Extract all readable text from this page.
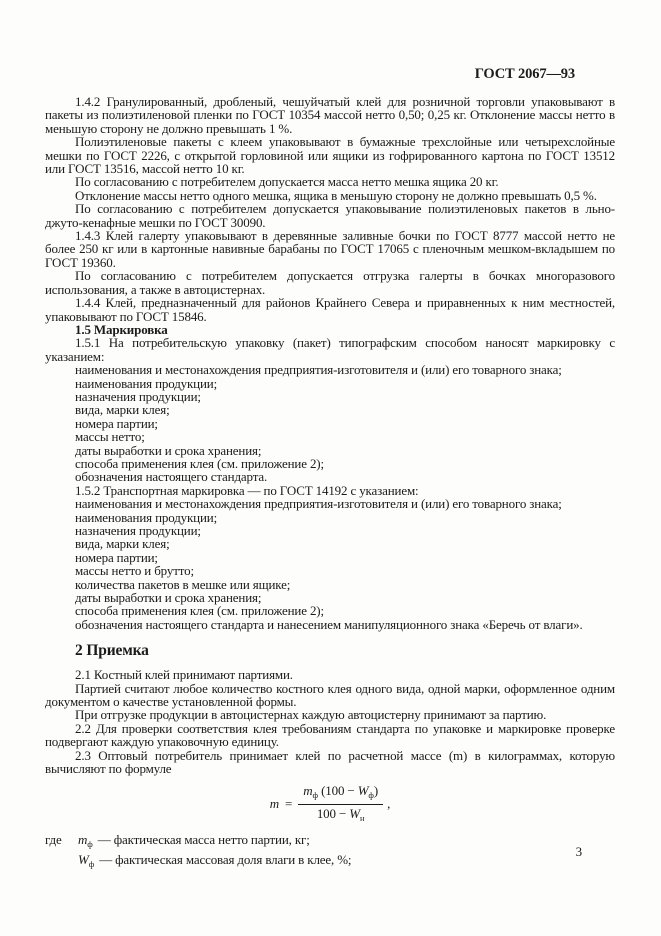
ГОСТ 2067—93
1.4.2 Гранулированный, дробленый, чешуйчатый клей для розничной торговли упаковывают в пакеты из полиэтиленовой пленки по ГОСТ 10354 массой нетто 0,50; 0,25 кг. Отклонение массы нетто в меньшую сторону не должно превышать 1 %.
Полиэтиленовые пакеты с клеем упаковывают в бумажные трехслойные или четырехслойные мешки по ГОСТ 2226, с открытой горловиной или ящики из гофрированного картона по ГОСТ 13512 или ГОСТ 13516, массой нетто 10 кг.
По согласованию с потребителем допускается масса нетто мешка ящика 20 кг.
Отклонение массы нетто одного мешка, ящика в меньшую сторону не должно превышать 0,5 %.
По согласованию с потребителем допускается упаковывание полиэтиленовых пакетов в льно-джуто-кенафные мешки по ГОСТ 30090.
1.4.3 Клей галерту упаковывают в деревянные заливные бочки по ГОСТ 8777 массой нетто не более 250 кг или в картонные навивные барабаны по ГОСТ 17065 с пленочным мешком-вкладышем по ГОСТ 19360.
По согласованию с потребителем допускается отгрузка галерты в бочках многоразового использования, а также в автоцистернах.
1.4.4 Клей, предназначенный для районов Крайнего Севера и приравненных к ним местностей, упаковывают по ГОСТ 15846.
1.5 Маркировка
1.5.1 На потребительскую упаковку (пакет) типографским способом наносят маркировку с указанием:
наименования и местонахождения предприятия-изготовителя и (или) его товарного знака;
наименования продукции;
назначения продукции;
вида, марки клея;
номера партии;
массы нетто;
даты выработки и срока хранения;
способа применения клея (см. приложение 2);
обозначения настоящего стандарта.
1.5.2 Транспортная маркировка — по ГОСТ 14192 с указанием:
наименования и местонахождения предприятия-изготовителя и (или) его товарного знака;
наименования продукции;
назначения продукции;
вида, марки клея;
номера партии;
массы нетто и брутто;
количества пакетов в мешке или ящике;
даты выработки и срока хранения;
способа применения клея (см. приложение 2);
обозначения настоящего стандарта и нанесением манипуляционного знака «Беречь от влаги».
2 Приемка
2.1 Костный клей принимают партиями.
Партией считают любое количество костного клея одного вида, одной марки, оформленное одним документом о качестве установленной формы.
При отгрузке продукции в автоцистернах каждую автоцистерну принимают за партию.
2.2 Для проверки соответствия клея требованиям стандарта по упаковке и маркировке проверке подвергают каждую упаковочную единицу.
2.3 Оптовый потребитель принимает клей по расчетной массе (m) в килограммах, которую вычисляют по формуле
$m = \frac{m_ф (100 - W_ф)}{100 - W_н}$ ,
где	$m_ф$ — фактическая масса нетто партии, кг;
$W_ф$ — фактическая массовая доля влаги в клее, %;
3
